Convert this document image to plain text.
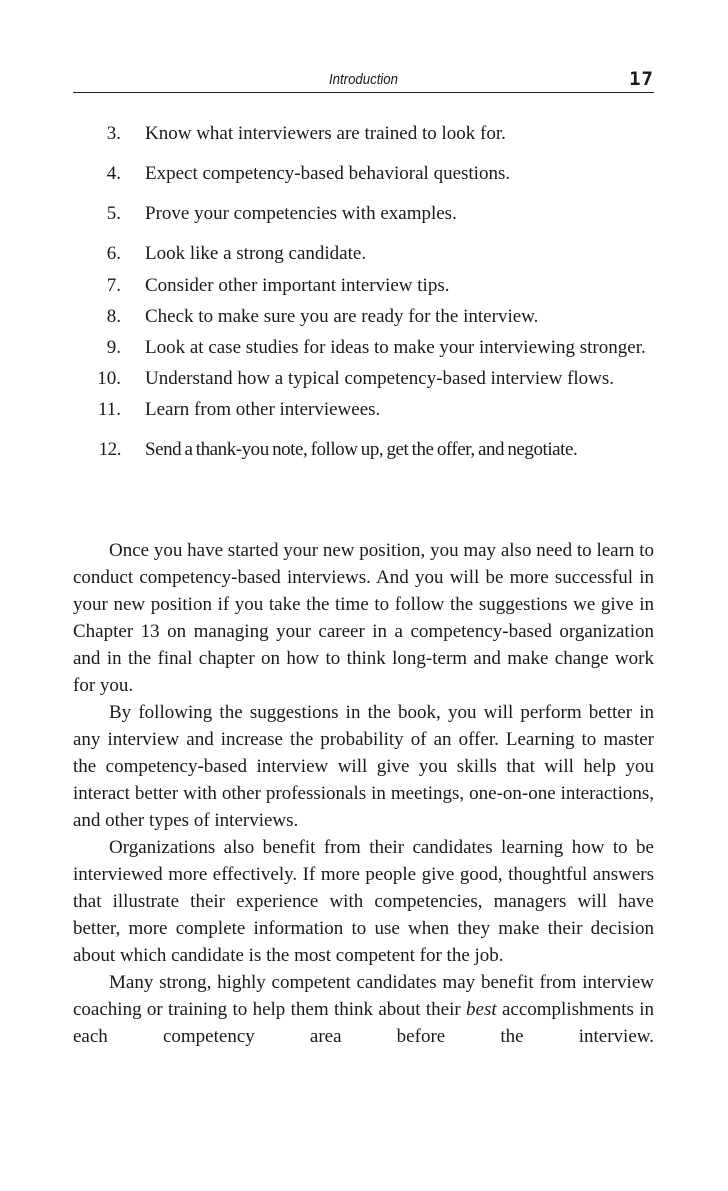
Introduction	17
3. Know what interviewers are trained to look for.
4. Expect competency-based behavioral questions.
5. Prove your competencies with examples.
6. Look like a strong candidate.
7. Consider other important interview tips.
8. Check to make sure you are ready for the interview.
9. Look at case studies for ideas to make your interviewing stronger.
10. Understand how a typical competency-based interview flows.
11. Learn from other interviewees.
12. Send a thank-you note, follow up, get the offer, and negotiate.

Once you have started your new position, you may also need to learn to conduct competency-based interviews. And you will be more successful in your new position if you take the time to follow the suggestions we give in Chapter 13 on managing your career in a competency-based organization and in the final chapter on how to think long-term and make change work for you.

By following the suggestions in the book, you will perform better in any interview and increase the probability of an offer. Learning to master the competency-based interview will give you skills that will help you interact better with other professionals in meetings, one-on-one interactions, and other types of interviews.

Organizations also benefit from their candidates learning how to be interviewed more effectively. If more people give good, thoughtful answers that illustrate their experience with competencies, managers will have better, more complete information to use when they make their decision about which candidate is the most competent for the job.

Many strong, highly competent candidates may benefit from interview coaching or training to help them think about their best accomplishments in each competency area before the interview.
